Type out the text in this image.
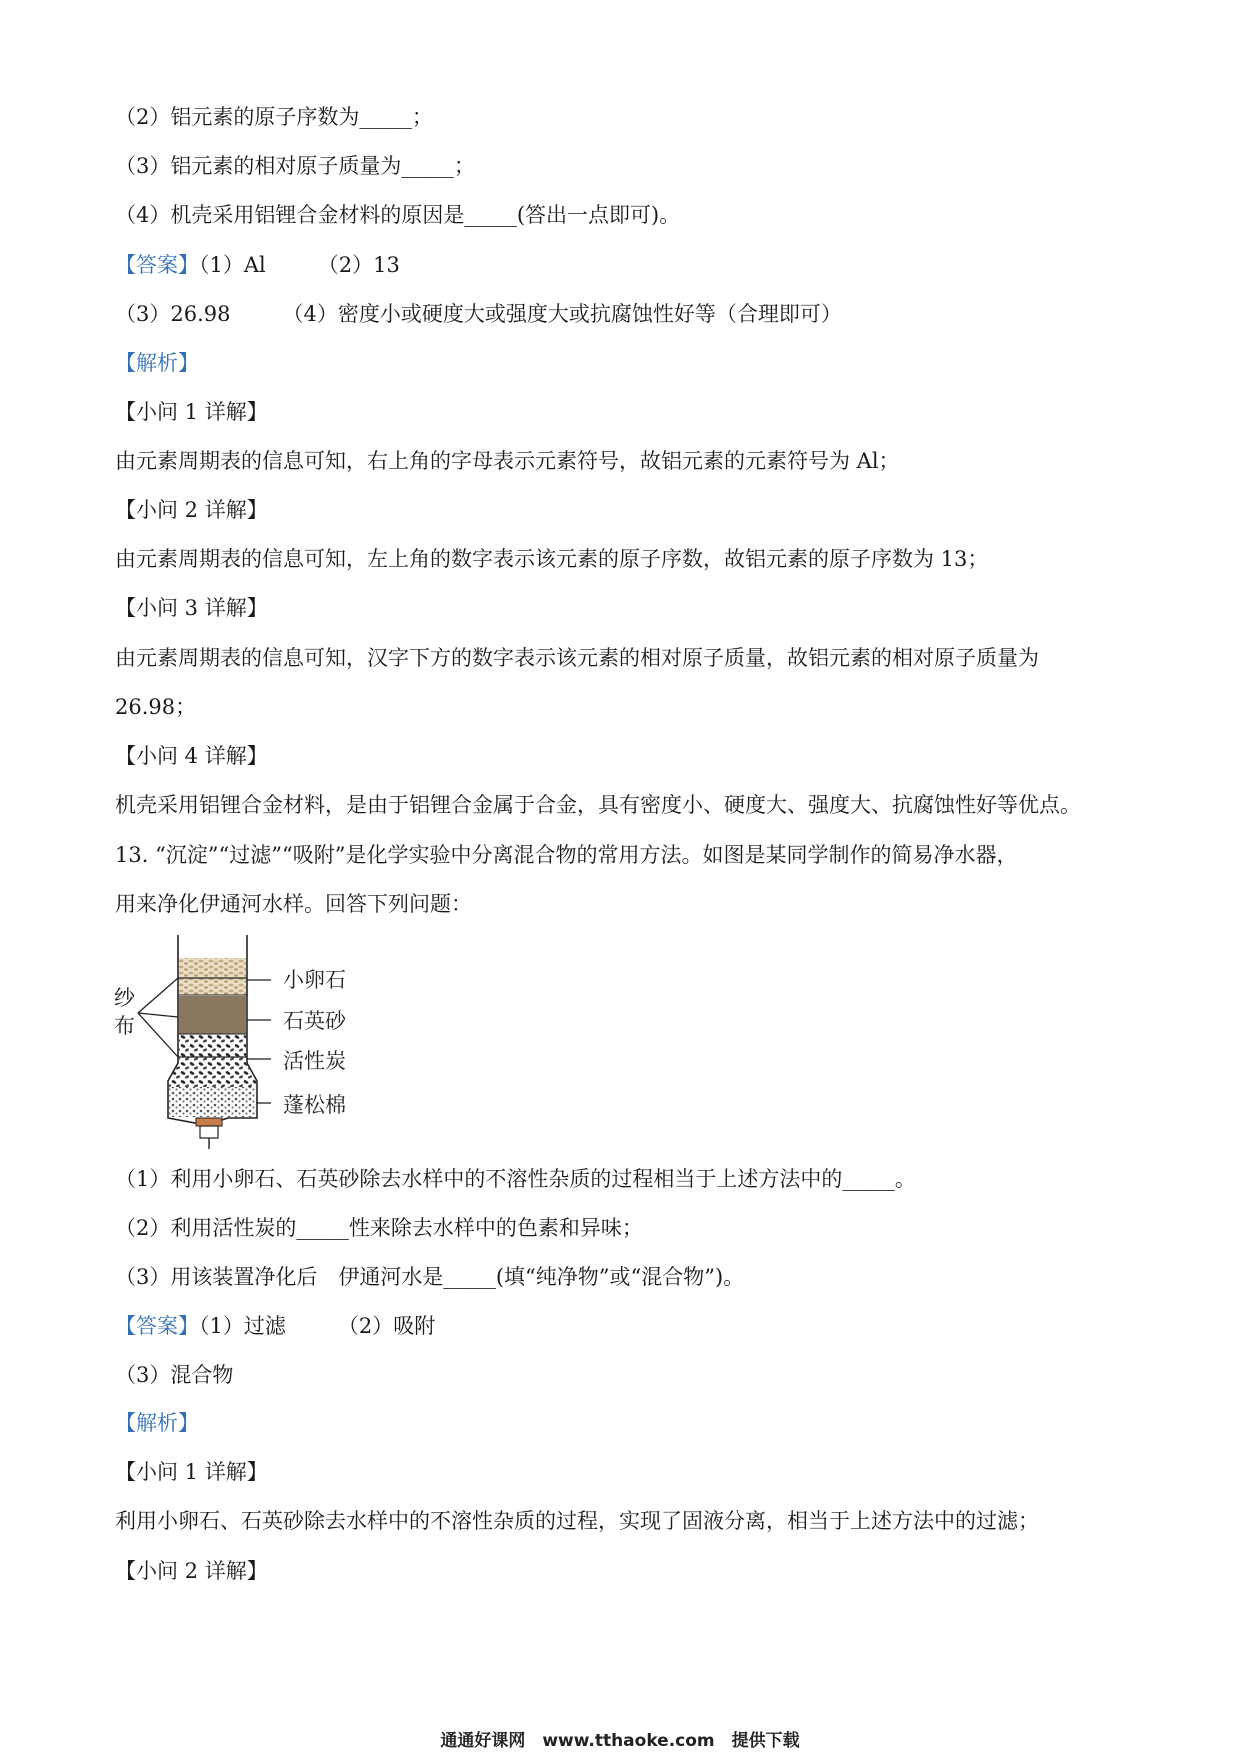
（2）铝元素的原子序数为_____；
（3）铝元素的相对原子质量为_____；
（4）机壳采用铝锂合金材料的原因是_____(答出一点即可)。
【答案】（1）Al （2）13
（3）26.98 （4）密度小或硬度大或强度大或抗腐蚀性好等（合理即可）
【解析】
【小问 1 详解】
由元素周期表的信息可知，右上角的字母表示元素符号，故铝元素的元素符号为 Al；
【小问 2 详解】
由元素周期表的信息可知，左上角的数字表示该元素的原子序数，故铝元素的原子序数为 13；
【小问 3 详解】
由元素周期表的信息可知，汉字下方的数字表示该元素的相对原子质量，故铝元素的相对原子质量为
26.98；
【小问 4 详解】
机壳采用铝锂合金材料，是由于铝锂合金属于合金，具有密度小、硬度大、强度大、抗腐蚀性好等优点。
13. “沉淀”“过滤”“吸附”是化学实验中分离混合物的常用方法。如图是某同学制作的简易净水器，
用来净化伊通河水样。回答下列问题：
纱
布
小卵石
石英砂
活性炭
蓬松棉
（1）利用小卵石、石英砂除去水样中的不溶性杂质的过程相当于上述方法中的_____。
（2）利用活性炭的_____性来除去水样中的色素和异味；
（3）用该装置净化后　伊通河水是_____(填“纯净物”或“混合物”)。
【答案】（1）过滤 （2）吸附
（3）混合物
【解析】
【小问 1 详解】
利用小卵石、石英砂除去水样中的不溶性杂质的过程，实现了固液分离，相当于上述方法中的过滤；
【小问 2 详解】
通通好课网　www.tthaoke.com　提供下载
